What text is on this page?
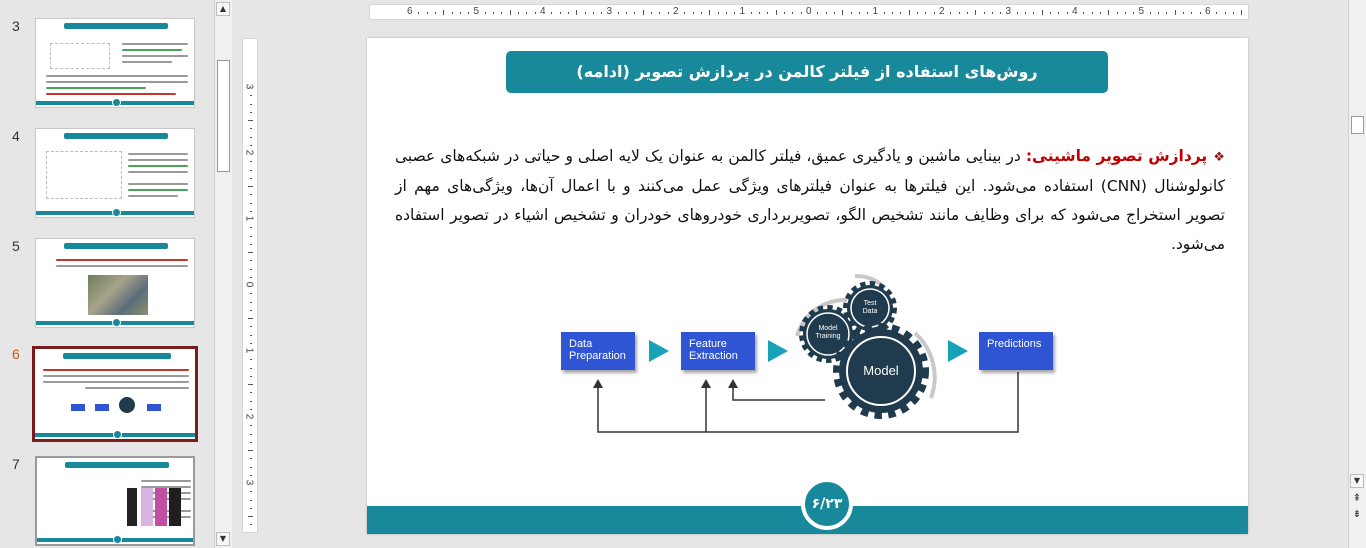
3
4
5
6
7
▲
▼
6	5	4	3	2	1	0	1	2	3	4	5	6
3
2
1
0
1
2
3
روش‌های استفاده از فیلتر کالمن در پردازش تصویر (ادامه)
❖پردازش تصویر ماشینی: در بینایی ماشین و یادگیری عمیق، فیلتر کالمن به عنوان یک لایه اصلی و حیاتی در شبکه‌های عصبی کانولوشنال (CNN) استفاده می‌شود. این فیلترها به عنوان فیلترهای ویژگی عمل می‌کنند و با اعمال آن‌ها، ویژگی‌های مهم از تصویر استخراج می‌شود که برای وظایف مانند تشخیص الگو، تصویربرداری خودروهای خودران و تشخیص اشیاء در تصویر استفاده می‌شود.
Data
Preparation
Feature
Extraction
Predictions
Model
Training
Test
Data
Model
۶/۲۳
▼
⇞
⇟
